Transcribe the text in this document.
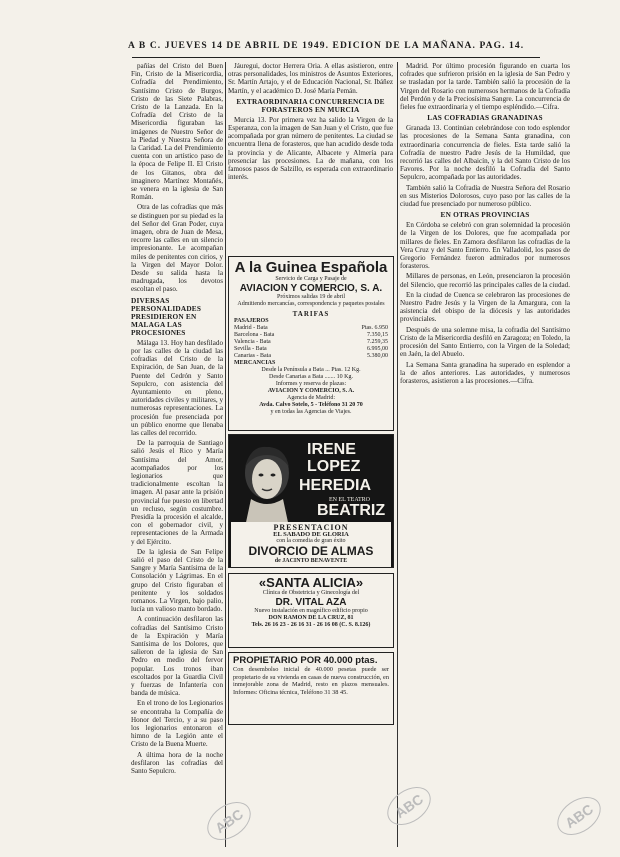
A B C. JUEVES 14 DE ABRIL DE 1949. EDICION DE LA MAÑANA. PAG. 14.

pañías del Cristo del Buen Fin, Cristo de la Misericordia, Cofradía del Prendimiento, Santísimo Cristo de Burgos, Cristo de las Siete Palabras, Cristo de la Lanzada. En la Cofradía del Cristo de la Misericordia figuraban las imágenes de Nuestro Señor de la Piedad y Nuestra Señora de la Caridad. La del Prendimiento cuenta con un artístico paso de la época de Felipe II. El Cristo de los Gitanos, obra del imaginero Martínez Montañés, se venera en la iglesia de San Román.

Otra de las cofradías que más se distinguen por su piedad es la del Señor del Gran Poder, cuya imagen, obra de Juan de Mesa, recorre las calles en un silencio impresionante. Le acompañan miles de penitentes con cirios, y la Virgen del Mayor Dolor. Desde su salida hasta la madrugada, los devotos escoltan el paso.

DIVERSAS PERSONALIDADES PRESIDIERON EN MALAGA LAS PROCESIONES

Málaga 13. Hoy han desfilado por las calles de la ciudad las cofradías del Cristo de la Expiración, de San Juan, de la Puente del Cedrón y Santo Sepulcro, con asistencia del Ayuntamiento en pleno, autoridades civiles y militares, y numerosas representaciones. La procesión fue presenciada por un público enorme que llenaba las calles del recorrido.

De la parroquia de Santiago salió Jesús el Rico y María Santísima del Amor, acompañados por los legionarios que tradicionalmente escoltan la imagen. Al pasar ante la prisión provincial fue puesto en libertad un recluso, según costumbre. Presidía la procesión el alcalde, con el gobernador civil, y representaciones de la Armada y del Ejército.

De la iglesia de San Felipe salió el paso del Cristo de la Sangre y María Santísima de la Consolación y Lágrimas. En el grupo del Cristo figuraban el penitente y los soldados romanos. La Virgen, bajo palio, lucía un valioso manto bordado.

A continuación desfilaron las cofradías del Santísimo Cristo de la Expiración y María Santísima de los Dolores, que salieron de la iglesia de San Pedro en medio del fervor popular. Los tronos iban escoltados por la Guardia Civil y fuerzas de Infantería con banda de música.

En el trono de los Legionarios se encontraba la Compañía de Honor del Tercio, y a su paso los legionarios entonaron el himno de la Legión ante el Cristo de la Buena Muerte.

A última hora de la noche desfilaron las cofradías del Santo Sepulcro.

Jáuregui, doctor Herrera Oria. A ellas asistieron, entre otras personalidades, los ministros de Asuntos Exteriores, Sr. Martín Artajo, y el de Educación Nacional, Sr. Ibáñez Martín, y el académico D. José María Pemán.

EXTRAORDINARIA CONCURRENCIA DE FORASTEROS EN MURCIA

Murcia 13. Por primera vez ha salido la Virgen de la Esperanza, con la imagen de San Juan y el Cristo, que fue acompañada por gran número de penitentes. La ciudad se encuentra llena de forasteros, que han acudido desde toda la provincia y de Alicante, Albacete y Almería para presenciar las procesiones. La de mañana, con los famosos pasos de Salzillo, es esperada con extraordinario interés.

A la Guinea Española
Servicio de Carga y Pasaje de
AVIACION Y COMERCIO, S. A.
Próximos salidas 19 de abril
Admitiendo mercancías, correspondencia y paquetes postales
TARIFAS
PASAJEROS
Madrid - Bata	Ptas. 6.950
Barcelona - Bata	7.350,15
Valencia - Bata	7.259,35
Sevilla - Bata	6.995,00
Canarias - Bata	5.380,00
MERCANCIAS
Desde la Península a Bata ... Ptas. 12 Kg.
Desde Canarias a Bata ....... 10 Kg.
Informes y reserva de plazas:
AVIACION Y COMERCIO, S. A.
Agencia de Madrid:
Avda. Calvo Sotelo, 5 - Teléfono 31 20 70
y en todas las Agencias de Viajes.
IRENE
LOPEZ
HEREDIA
EN EL TEATRO
BEATRIZ
PRESENTACION
EL SABADO DE GLORIA
con la comedia de gran éxito
DIVORCIO DE ALMAS
de JACINTO BENAVENTE
«SANTA ALICIA»
Clínica de Obstetricia y Ginecología del
DR. VITAL AZA
Nuevo instalación en magnífico edificio propio
DON RAMON DE LA CRUZ, 81
Tels. 26 16 23 - 26 16 31 - 26 16 08 (C. S. 8.126)
PROPIETARIO POR 40.000 ptas.
Con desembolso inicial de 40.000 pesetas puede ser propietario de su vivienda en casas de nueva construcción, en inmejorable zona de Madrid, resto en plazos mensuales. Informes: Oficina técnica, Teléfono 31 38 45.

Madrid. Por último procesión figurando en cuarta los cofrades que sufrieron prisión en la iglesia de San Pedro y se trasladan por la tarde. También salió la procesión de la Virgen del Rosario con numerosos hermanos de la Cofradía del Perdón y de la Preciosísima Sangre. La concurrencia de fieles fue extraordinaria y el tiempo espléndido.—Cifra.

LAS COFRADIAS GRANADINAS

Granada 13. Continúan celebrándose con todo esplendor las procesiones de la Semana Santa granadina, con extraordinaria concurrencia de fieles. Esta tarde salió la Cofradía de nuestro Padre Jesús de la Humildad, que recorrió las calles del Albaicín, y la del Santo Cristo de los Favores. Por la noche desfiló la Cofradía del Santo Sepulcro, acompañada por las autoridades.

También salió la Cofradía de Nuestra Señora del Rosario en sus Misterios Dolorosos, cuyo paso por las calles de la ciudad fue presenciado por numeroso público.

EN OTRAS PROVINCIAS

En Córdoba se celebró con gran solemnidad la procesión de la Virgen de los Dolores, que fue acompañada por millares de fieles. En Zamora desfilaron las cofradías de la Vera Cruz y del Santo Entierro. En Valladolid, los pasos de Gregorio Fernández fueron admirados por numerosos forasteros.

Millares de personas, en León, presenciaron la procesión del Silencio, que recorrió las principales calles de la ciudad.

En la ciudad de Cuenca se celebraron las procesiones de Nuestro Padre Jesús y la Virgen de la Amargura, con la asistencia del obispo de la diócesis y las autoridades provinciales.

Después de una solemne misa, la cofradía del Santísimo Cristo de la Misericordia desfiló en Zaragoza; en Toledo, la procesión del Santo Entierro, con la Virgen de la Soledad; en Jaén, la del Abuelo.

La Semana Santa granadina ha superado en esplendor a la de años anteriores. Las autoridades, y numerosos forasteros, asistieron a las procesiones.—Cifra.

ABC	ABC	ABC
